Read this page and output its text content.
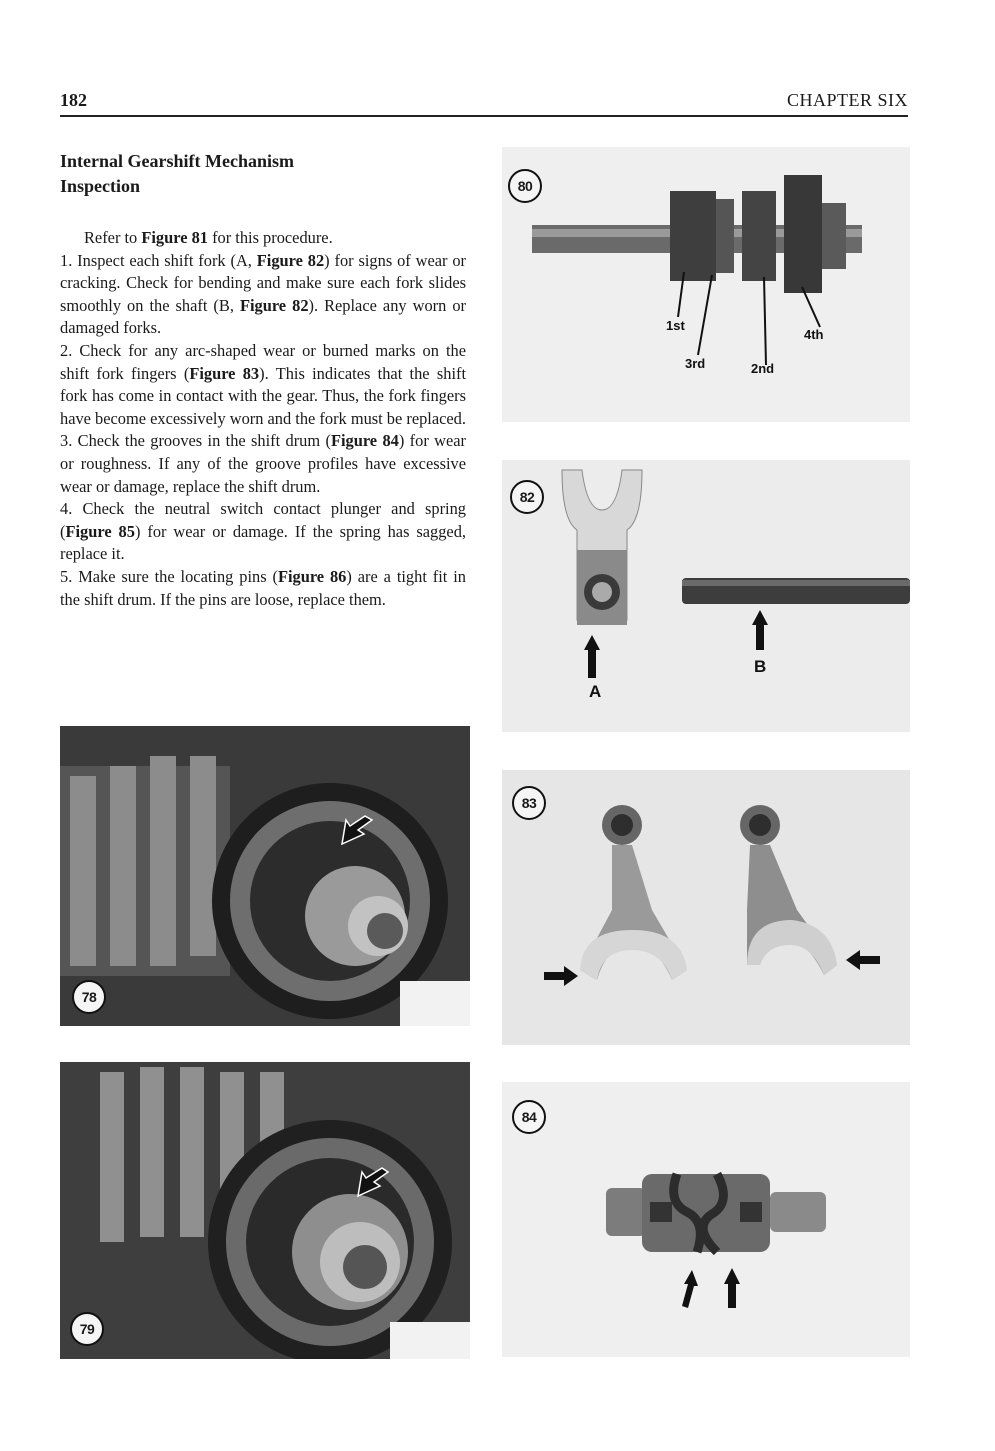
182	CHAPTER SIX
Internal Gearshift Mechanism
Inspection

Refer to Figure 81 for this procedure.

1. Inspect each shift fork (A, Figure 82) for signs of wear or cracking. Check for bending and make sure each fork slides smoothly on the shaft (B, Figure 82). Replace any worn or damaged forks.

2. Check for any arc-shaped wear or burned marks on the shift fork fingers (Figure 83). This indicates that the shift fork has come in contact with the gear. Thus, the fork fingers have become excessively worn and the fork must be replaced.

3. Check the grooves in the shift drum (Figure 84) for wear or roughness. If any of the groove profiles have excessive wear or damage, replace the shift drum.

4. Check the neutral switch contact plunger and spring (Figure 85) for wear or damage. If the spring has sagged, replace it.

5. Make sure the locating pins (Figure 86) are a tight fit in the shift drum. If the pins are loose, replace them.

1st
3rd	2nd
4th
80
A
B
82
83
84
78
79
